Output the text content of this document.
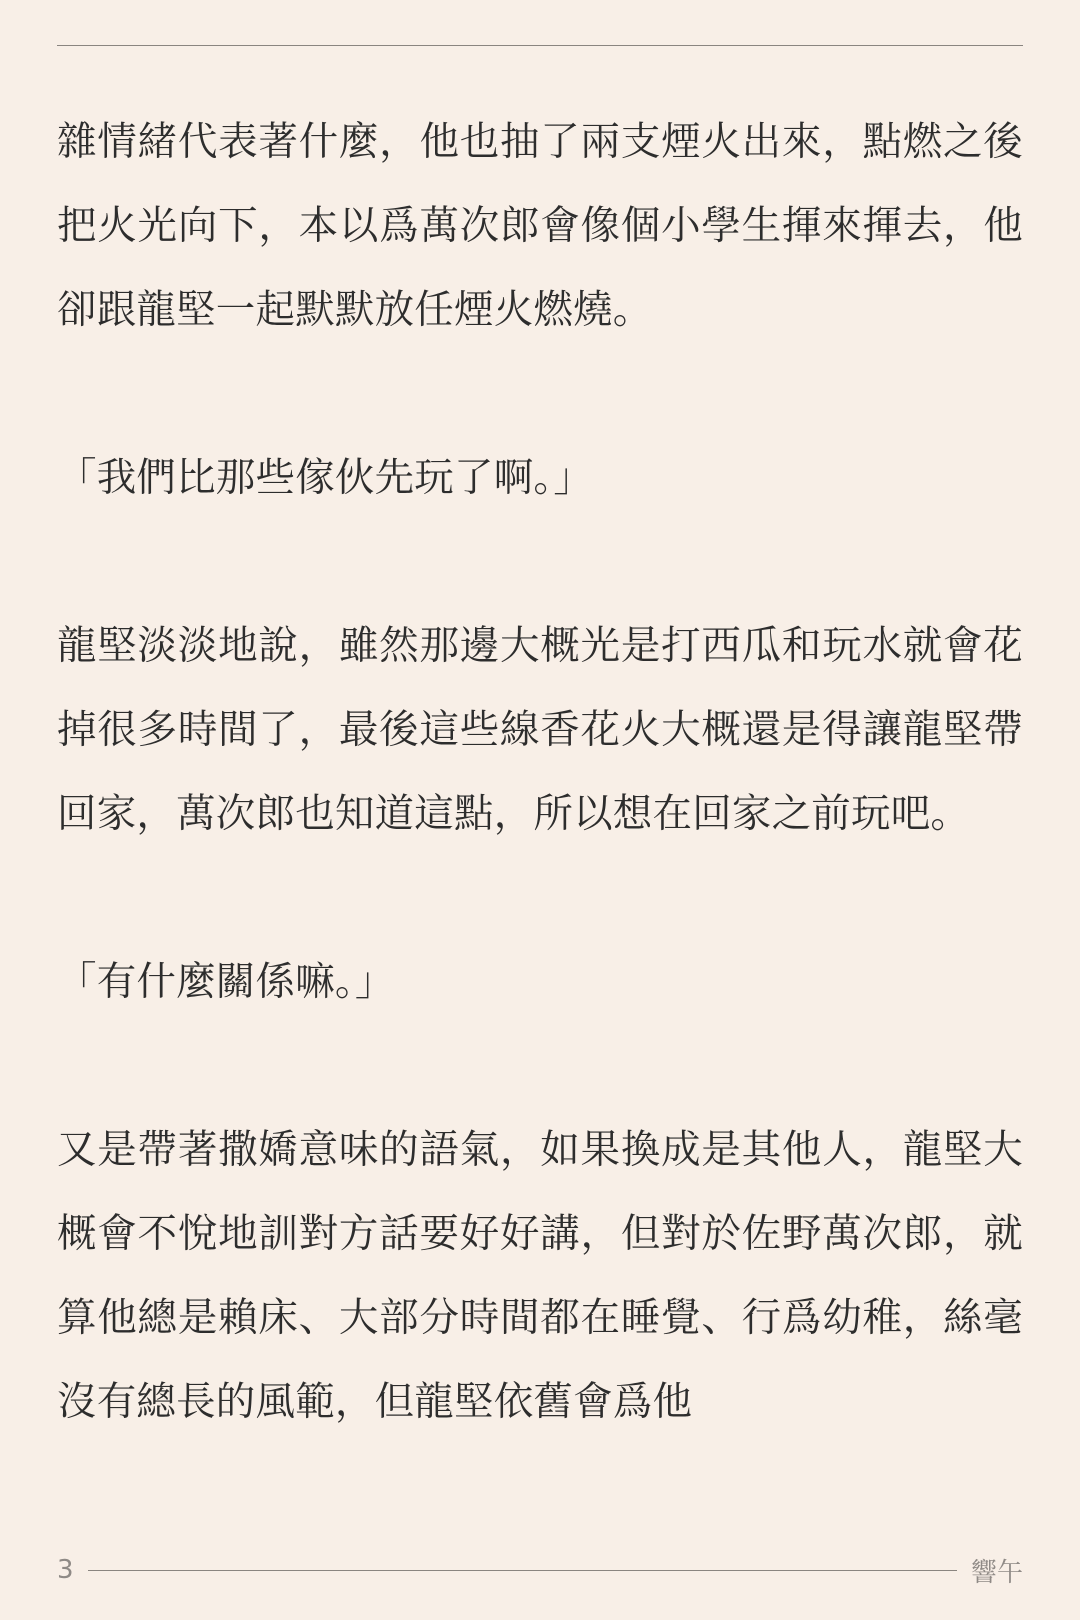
雜情緒代表著什麼，他也抽了兩支煙火出來，點燃之後把火光向下，本以爲萬次郎會像個小學生揮來揮去，他卻跟龍堅一起默默放任煙火燃燒。

「我們比那些傢伙先玩了啊。」

龍堅淡淡地說，雖然那邊大概光是打西瓜和玩水就會花掉很多時間了，最後這些線香花火大概還是得讓龍堅帶回家，萬次郎也知道這點，所以想在回家之前玩吧。

「有什麼關係嘛。」

又是帶著撒嬌意味的語氣，如果換成是其他人，龍堅大概會不悅地訓對方話要好好講，但對於佐野萬次郎，就算他總是賴床、大部分時間都在睡覺、行爲幼稚，絲毫沒有總長的風範，但龍堅依舊會爲他

3	響午
